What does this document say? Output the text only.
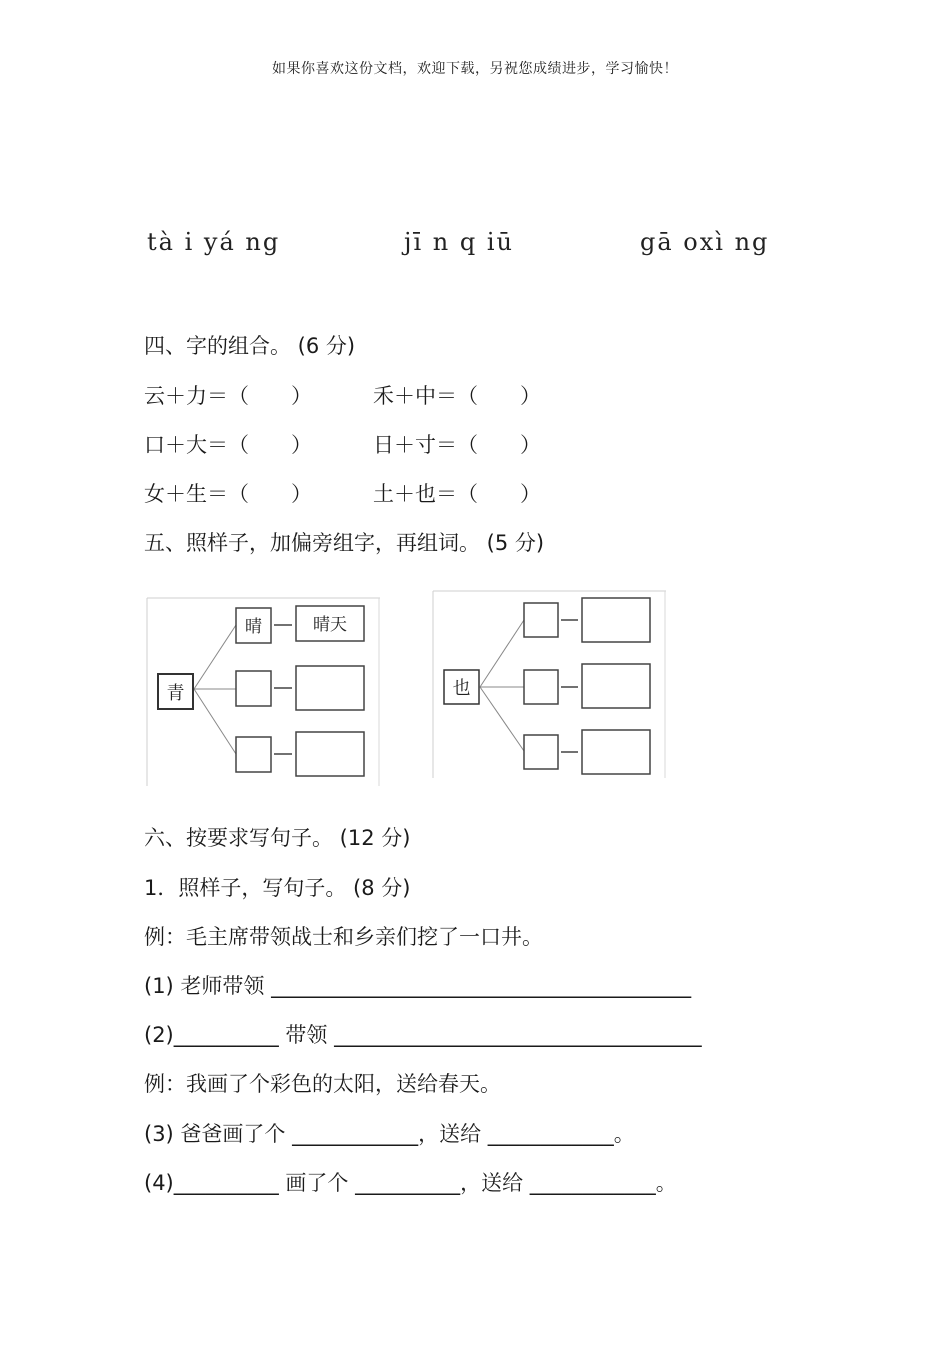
如果你喜欢这份文档，欢迎下载，另祝您成绩进步，学习愉快！
tà i yá ng	jī n q iū	gā oxì ng
四、字的组合。 (6 分)
云＋力＝（　　）	禾＋中＝（　　）
口＋大＝（　　）	日＋寸＝（　　）
女＋生＝（　　）	土＋也＝（　　）
五、照样子，加偏旁组字，再组词。 (5 分)
青
晴	晴天
也
六、按要求写句子。 (12 分)
1．照样子，写句子。 (8 分)
例：毛主席带领战士和乡亲们挖了一口井。
(1) 老师带领 ________________________________________
(2)__________ 带领 ___________________________________
例：我画了个彩色的太阳，送给春天。
(3) 爸爸画了个 ____________，送给 ____________。
(4)__________ 画了个 __________，送给 ____________。
